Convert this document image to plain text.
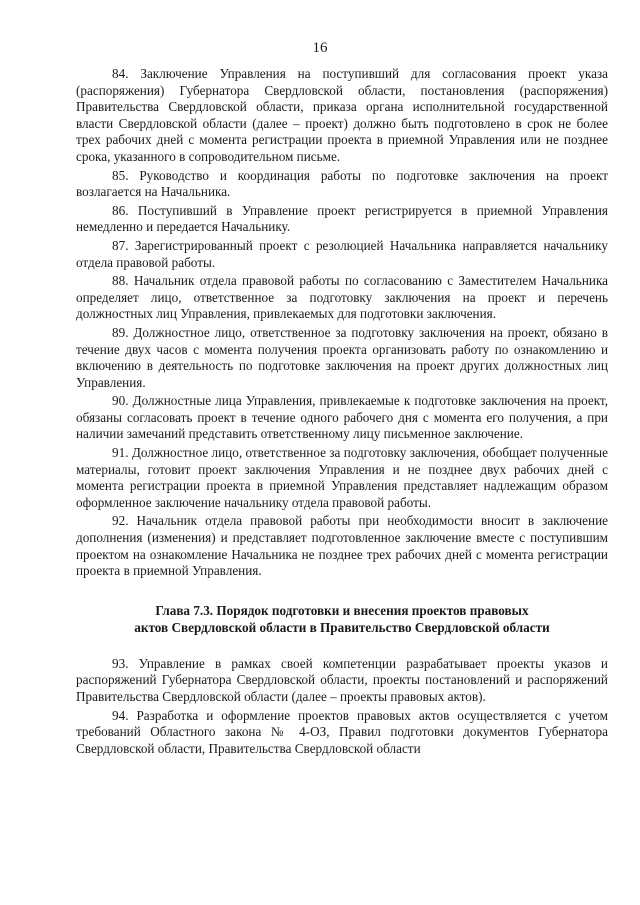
16

84. Заключение Управления на поступивший для согласования проект указа (распоряжения) Губернатора Свердловской области, постановления (распоряжения) Правительства Свердловской области, приказа органа исполнительной государственной власти Свердловской области (далее – проект) должно быть подготовлено в срок не более трех рабочих дней с момента регистрации проекта в приемной Управления или не позднее срока, указанного в сопроводительном письме.

85. Руководство и координация работы по подготовке заключения на проект возлагается на Начальника.

86. Поступивший в Управление проект регистрируется в приемной Управления немедленно и передается Начальнику.

87. Зарегистрированный проект с резолюцией Начальника направляется начальнику отдела правовой работы.

88. Начальник отдела правовой работы по согласованию с Заместителем Начальника определяет лицо, ответственное за подготовку заключения на проект и перечень должностных лиц Управления, привлекаемых для подготовки заключения.

89. Должностное лицо, ответственное за подготовку заключения на проект, обязано в течение двух часов с момента получения проекта организовать работу по ознакомлению и включению в деятельность по подготовке заключения на проект других должностных лиц Управления.

90. Должностные лица Управления, привлекаемые к подготовке заключения на проект, обязаны согласовать проект в течение одного рабочего дня с момента его получения, а при наличии замечаний представить ответственному лицу письменное заключение.

91. Должностное лицо, ответственное за подготовку заключения, обобщает полученные материалы, готовит проект заключения Управления и не позднее двух рабочих дней с момента регистрации проекта в приемной Управления представляет надлежащим образом оформленное заключение начальнику отдела правовой работы.

92. Начальник отдела правовой работы при необходимости вносит в заключение дополнения (изменения) и представляет подготовленное заключение вместе с поступившим проектом на ознакомление Начальника не позднее трех рабочих дней с момента регистрации проекта в приемной Управления.

Глава 7.3. Порядок подготовки и внесения проектов правовых
актов Свердловской области в Правительство Свердловской области

93. Управление в рамках своей компетенции разрабатывает проекты указов и распоряжений Губернатора Свердловской области, проекты постановлений и распоряжений Правительства Свердловской области (далее – проекты правовых актов).

94. Разработка и оформление проектов правовых актов осуществляется с учетом требований Областного закона № 4-ОЗ, Правил подготовки документов Губернатора Свердловской области, Правительства Свердловской области
